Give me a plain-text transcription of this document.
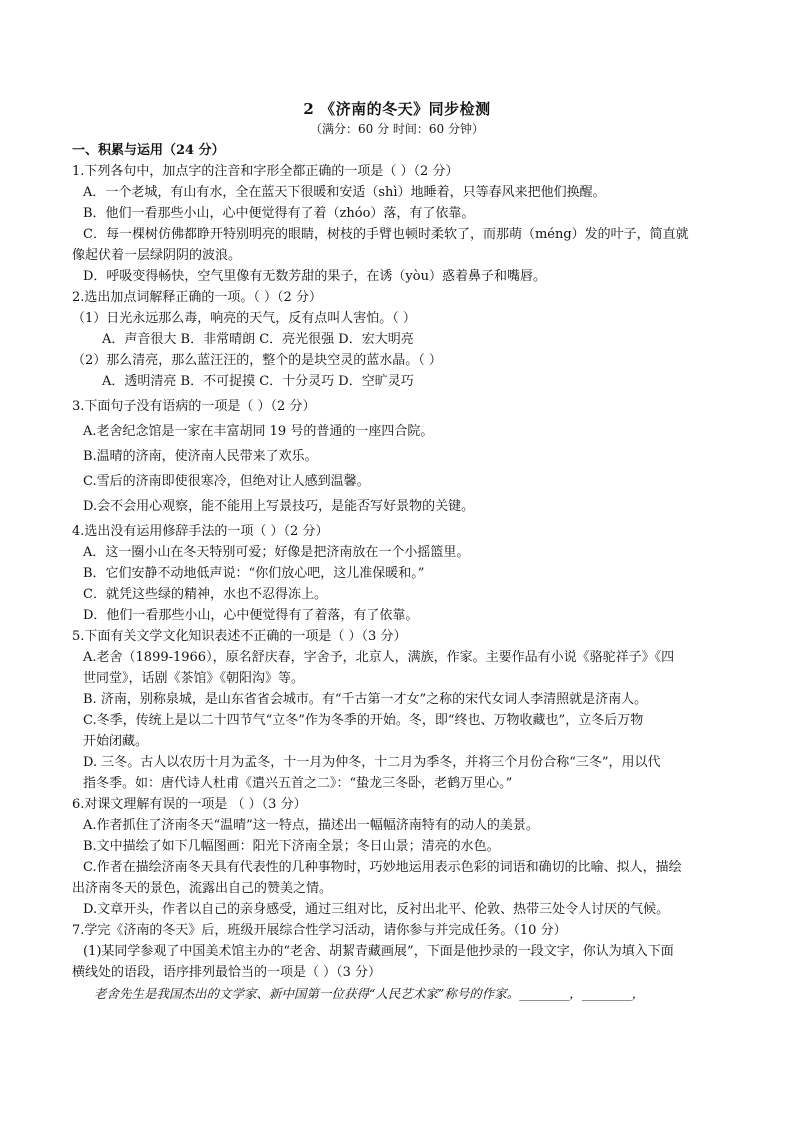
2 《济南的冬天》同步检测
（满分：60 分 时间：60 分钟）
一、积累与运用（24 分）
1.下列各句中，加点字的注音和字形全都正确的一项是（ ）（2 分）
A．一个老城，有山有水，全在蓝天下很暖和安适（shì）地睡着，只等春风来把他们换醒。
B．他们一看那些小山，心中便觉得有了着（zhóo）落，有了依靠。
C．每一棵树仿佛都睁开特别明亮的眼睛，树枝的手臂也顿时柔软了，而那萌（méng）发的叶子，简直就
像起伏着一层绿阴阴的波浪。
D．呼吸变得畅快，空气里像有无数芳甜的果子，在诱（yòu）惑着鼻子和嘴唇。
2.选出加点词解释正确的一项。（ ）（2 分）
（1）日光永远那么毒，响亮的天气，反有点叫人害怕。（ ）
A．声音很大 B．非常晴朗 C．亮光很强 D．宏大明亮
（2）那么清亮，那么蓝汪汪的，整个的是块空灵的蓝水晶。（ ）
A．透明清亮 B．不可捉摸 C．十分灵巧 D．空旷灵巧
3.下面句子没有语病的一项是（ ）（2 分）
A.老舍纪念馆是一家在丰富胡同 19 号的普通的一座四合院。
B.温晴的济南，使济南人民带来了欢乐。
C.雪后的济南即使很寒冷，但绝对让人感到温馨。
D.会不会用心观察，能不能用上写景技巧，是能否写好景物的关键。
4.选出没有运用修辞手法的一项（ ）（2 分）
A．这一圈小山在冬天特别可爱；好像是把济南放在一个小摇篮里。
B．它们安静不动地低声说：“你们放心吧，这儿准保暖和。”
C．就凭这些绿的精神，水也不忍得冻上。
D．他们一看那些小山，心中便觉得有了着落，有了依靠。
5.下面有关文学文化知识表述不正确的一项是（ ）（3 分）
A.老舍（1899-1966），原名舒庆春，字舍予，北京人，满族，作家。主要作品有小说《骆驼祥子》《四
世同堂》，话剧《茶馆》《朝阳沟》等。
B. 济南，别称泉城，是山东省省会城市。有“千古第一才女”之称的宋代女词人李清照就是济南人。
C.冬季，传统上是以二十四节气“立冬”作为冬季的开始。冬，即“终也、万物收藏也”，立冬后万物
开始闭藏。
D. 三冬。古人以农历十月为孟冬，十一月为仲冬，十二月为季冬，并将三个月份合称“三冬”，用以代
指冬季。如：唐代诗人杜甫《遣兴五首之二》：“蛰龙三冬卧，老鹤万里心。”
6.对课文理解有误的一项是 （ ）（3 分）
A.作者抓住了济南冬天“温晴”这一特点，描述出一幅幅济南特有的动人的美景。
B.文中描绘了如下几幅图画：阳光下济南全景；冬日山景；清亮的水色。
C.作者在描绘济南冬天具有代表性的几种事物时，巧妙地运用表示色彩的词语和确切的比喻、拟人，描绘
出济南冬天的景色，流露出自己的赞美之情。
D.文章开头，作者以自己的亲身感受，通过三组对比，反衬出北平、伦敦、热带三处令人讨厌的气候。
7.学完《济南的冬天》后，班级开展综合性学习活动，请你参与并完成任务。（10 分）
(1)某同学参观了中国美术馆主办的“老舍、胡絜青藏画展”，下面是他抄录的一段文字，你认为填入下面
横线处的语段，语序排列最恰当的一项是（ ）（3 分）
老舍先生是我国杰出的文学家、新中国第一位获得“人民艺术家”称号的作家。________，________，
